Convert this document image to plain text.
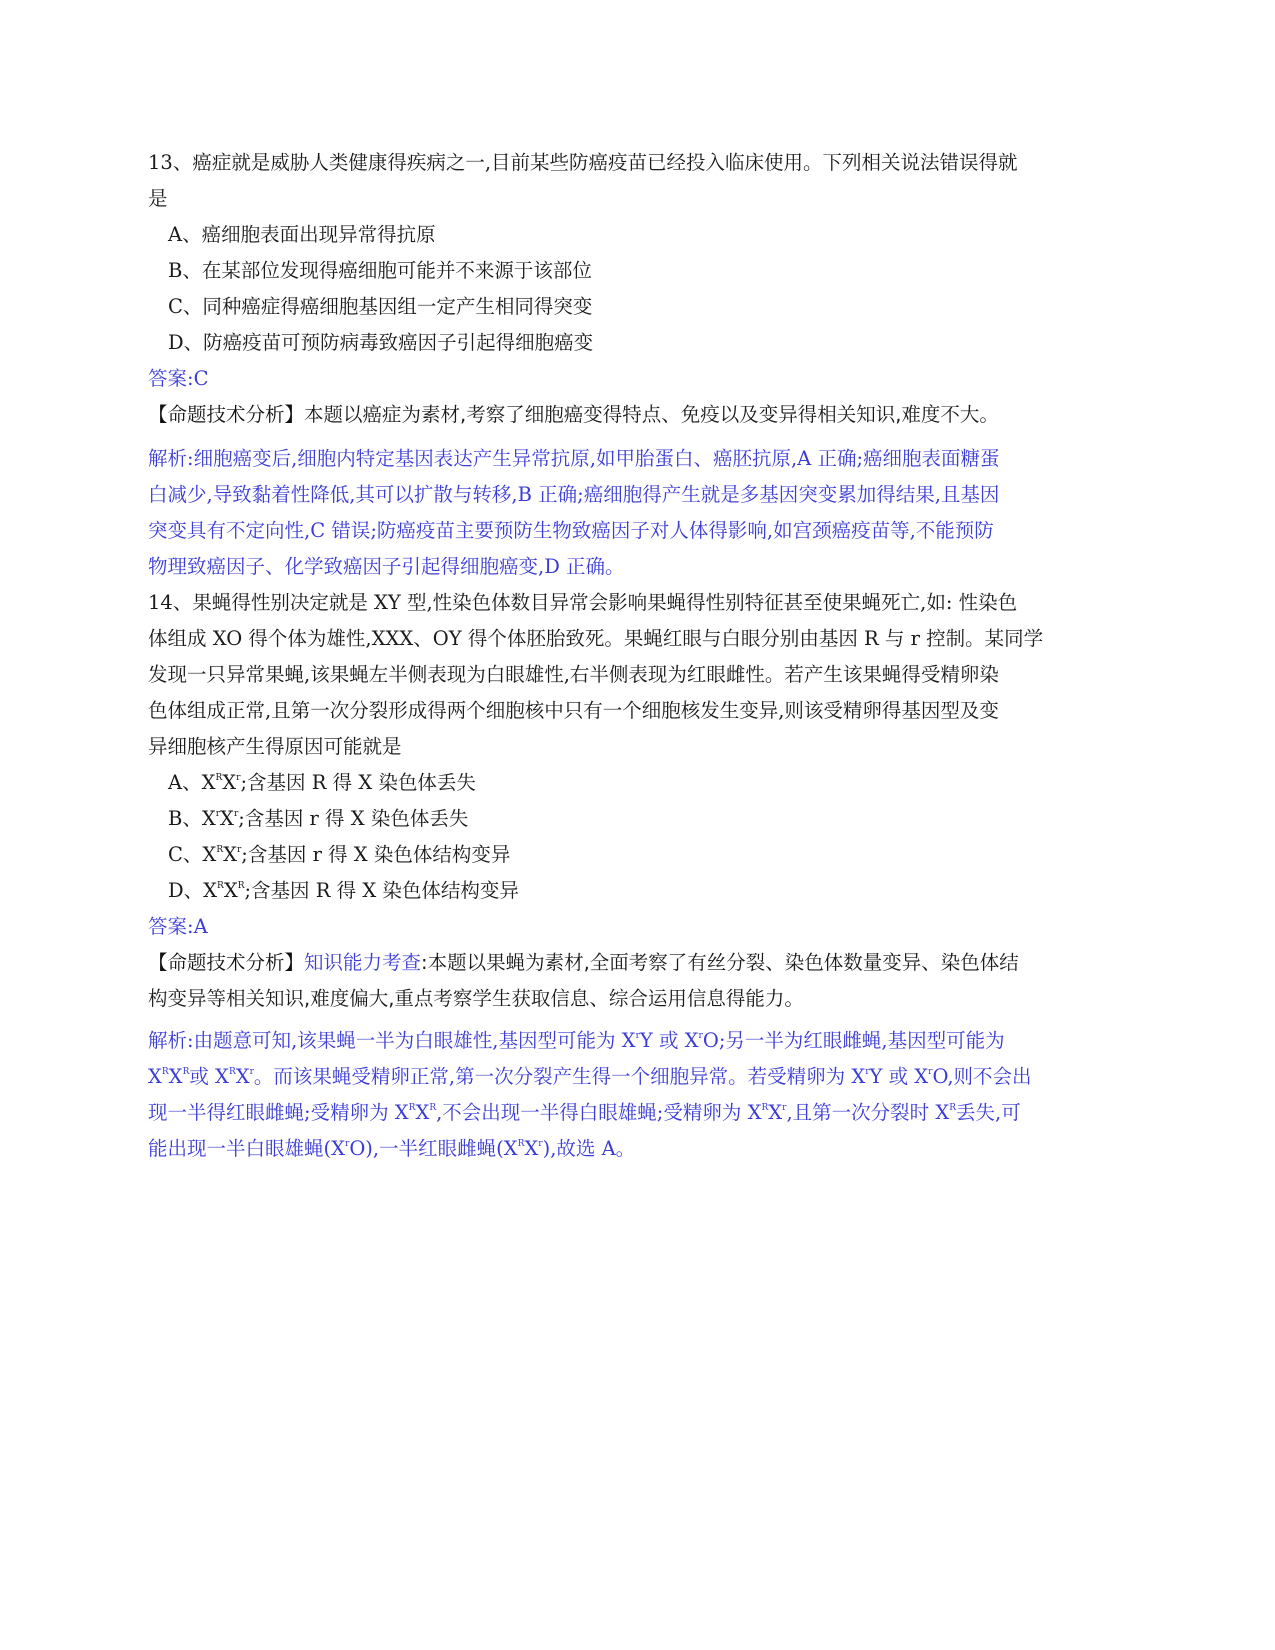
13、癌症就是威胁人类健康得疾病之一,目前某些防癌疫苗已经投入临床使用。下列相关说法错误得就

是

A、癌细胞表面出现异常得抗原

B、在某部位发现得癌细胞可能并不来源于该部位

C、同种癌症得癌细胞基因组一定产生相同得突变

D、防癌疫苗可预防病毒致癌因子引起得细胞癌变

答案:C

【命题技术分析】本题以癌症为素材,考察了细胞癌变得特点、免疫以及变异得相关知识,难度不大。

解析:细胞癌变后,细胞内特定基因表达产生异常抗原,如甲胎蛋白、癌胚抗原,A 正确;癌细胞表面糖蛋

白减少,导致黏着性降低,其可以扩散与转移,B 正确;癌细胞得产生就是多基因突变累加得结果,且基因

突变具有不定向性,C 错误;防癌疫苗主要预防生物致癌因子对人体得影响,如宫颈癌疫苗等,不能预防

物理致癌因子、化学致癌因子引起得细胞癌变,D 正确。

14、果蝇得性别决定就是 XY 型,性染色体数目异常会影响果蝇得性别特征甚至使果蝇死亡,如: 性染色

体组成 XO 得个体为雄性,XXX、OY 得个体胚胎致死。果蝇红眼与白眼分别由基因 R 与 r 控制。某同学

发现一只异常果蝇,该果蝇左半侧表现为白眼雄性,右半侧表现为红眼雌性。若产生该果蝇得受精卵染

色体组成正常,且第一次分裂形成得两个细胞核中只有一个细胞核发生变异,则该受精卵得基因型及变

异细胞核产生得原因可能就是

A、$X^RX^r$;含基因 R 得 X 染色体丢失

B、$X^rX^r$;含基因 r 得 X 染色体丢失

C、$X^RX^r$;含基因 r 得 X 染色体结构变异

D、$X^RX^R$;含基因 R 得 X 染色体结构变异

答案:A

【命题技术分析】知识能力考查:本题以果蝇为素材,全面考察了有丝分裂、染色体数量变异、染色体结

构变异等相关知识,难度偏大,重点考察学生获取信息、综合运用信息得能力。

解析:由题意可知,该果蝇一半为白眼雄性,基因型可能为 $X^rY$ 或 $X^rO$;另一半为红眼雌蝇,基因型可能为

$X^RX^R$或 $X^RX^r$。而该果蝇受精卵正常,第一次分裂产生得一个细胞异常。若受精卵为 $X^rY$ 或 $X^rO$,则不会出

现一半得红眼雌蝇;受精卵为 $X^RX^R$,不会出现一半得白眼雄蝇;受精卵为 $X^RX^r$,且第一次分裂时 $X^R$丢失,可

能出现一半白眼雄蝇$(X^rO)$,一半红眼雌蝇$(X^RX^r)$,故选 A。
